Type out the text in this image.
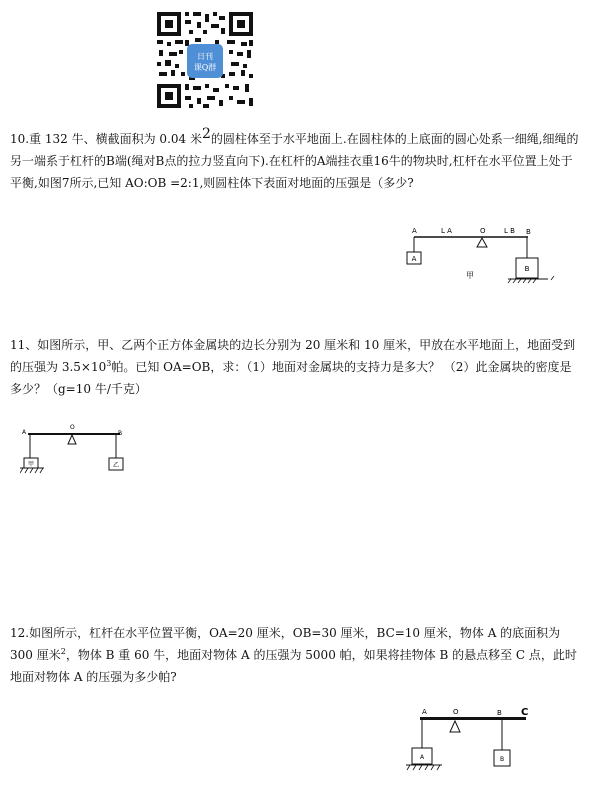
日刊
课Q群

10.重 132 牛、横截面积为 0.04 米2的圆柱体至于水平地面上.在圆柱体的上底面的圆心处系一细绳,细绳的另一端系于杠杆的B端(绳对B点的拉力竖直向下).在杠杆的A端挂衣重16牛的物块时,杠杆在水平位置上处于平衡,如图7所示,已知 AO:OB =2:1,则圆柱体下表面对地面的压强是（多少?

A	L A	O	L B B
A
B
甲

11、如图所示，甲、乙两个正方体金属块的边长分别为 20 厘米和 10 厘米，甲放在水平地面上，地面受到的压强为 $3.5\times 10^3$帕。已知 OA=OB，求：（1）地面对金属块的支持力是多大？ （2）此金属块的密度是多少？（g=10 牛/千克）

A
O
B
甲	乙

12.如图所示，杠杆在水平位置平衡，OA=20 厘米，OB=30 厘米，BC=10 厘米，物体 A 的底面积为 300 厘米$^2$，物体 B 重 60 牛，地面对物体 A 的压强为 5000 帕，如果将挂物体 B 的悬点移至 C 点，此时地面对物体 A 的压强为多少帕?

A	O	B C
A	B
